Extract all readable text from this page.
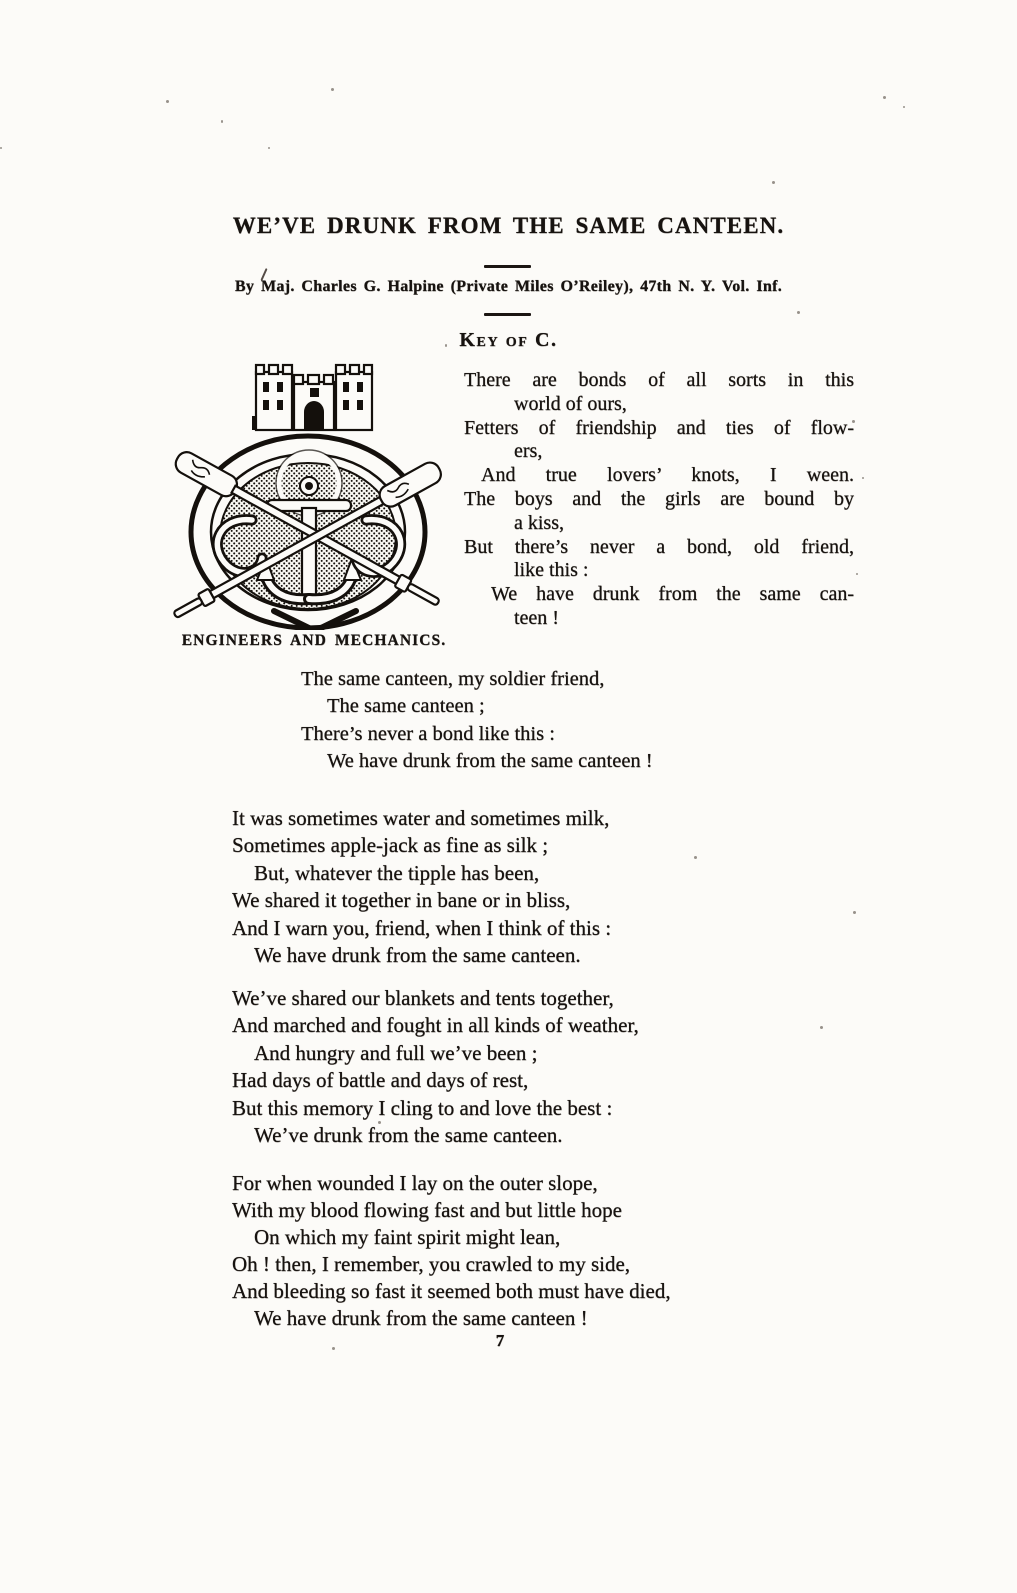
WE’VE DRUNK FROM THE SAME CANTEEN.
By Maj. Charles G. Halpine (Private Miles O’Reiley), 47th N. Y. Vol. Inf.
Key of C.
ENGINEERS AND MECHANICS.
There are bonds of all sorts in this
world of ours,
Fetters of friendship and ties of flow-
ers,
And true lovers’ knots, I ween.
The boys and the girls are bound by
a kiss,
But there’s never a bond, old friend,
like this :
We have drunk from the same can-
teen !
The same canteen, my soldier friend,
The same canteen ;
There’s never a bond like this :
We have drunk from the same canteen !
It was sometimes water and sometimes milk,
Sometimes apple-jack as fine as silk ;
But, whatever the tipple has been,
We shared it together in bane or in bliss,
And I warn you, friend, when I think of this :
We have drunk from the same canteen.
We’ve shared our blankets and tents together,
And marched and fought in all kinds of weather,
And hungry and full we’ve been ;
Had days of battle and days of rest,
But this memory I cling to and love the best :
We’ve drunk from the same canteen.
For when wounded I lay on the outer slope,
With my blood flowing fast and but little hope
On which my faint spirit might lean,
Oh ! then, I remember, you crawled to my side,
And bleeding so fast it seemed both must have died,
We have drunk from the same canteen !
7
